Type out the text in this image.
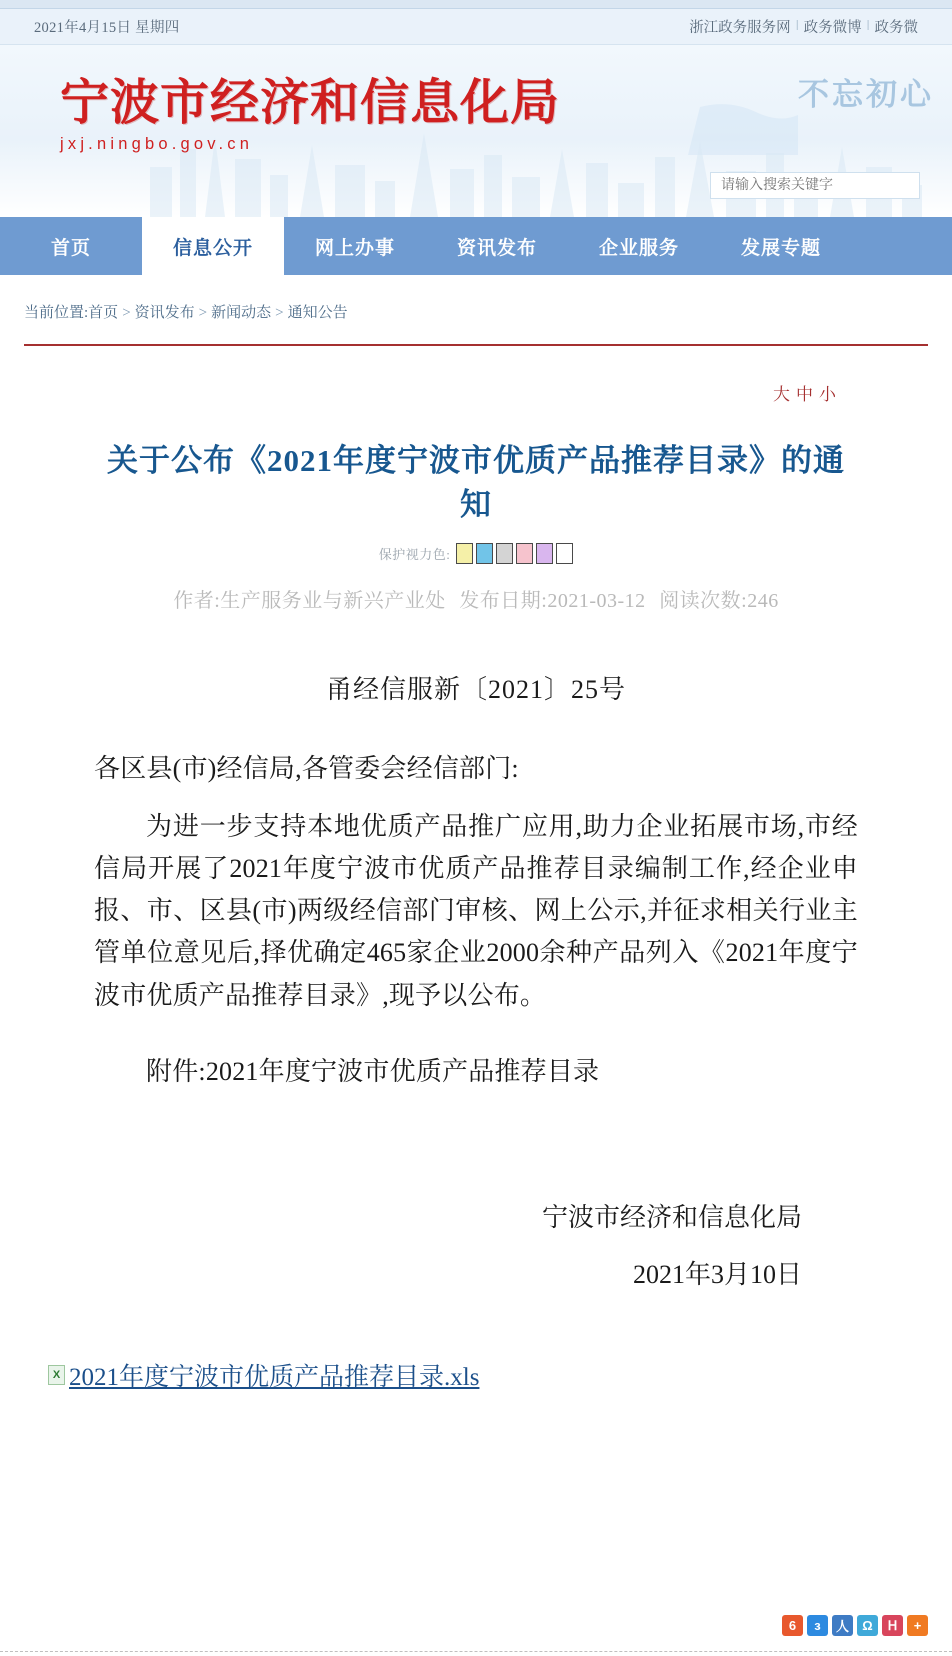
2021年4月15日 星期四	浙江政务服务网 ǀ 政务微博 ǀ 政务微
宁波市经济和信息化局
jxj.ningbo.gov.cn
不忘初心
请输入搜索关键字
首页	信息公开	网上办事	资讯发布	企业服务	发展专题
当前位置:首页 > 资讯发布 > 新闻动态 > 通知公告
大中小
关于公布《2021年度宁波市优质产品推荐目录》的通知
保护视力色:
作者:生产服务业与新兴产业处 发布日期:2021-03-12 阅读次数:246
甬经信服新〔2021〕25号

各区县(市)经信局,各管委会经信部门:

为进一步支持本地优质产品推广应用,助力企业拓展市场,市经信局开展了2021年度宁波市优质产品推荐目录编制工作,经企业申报、市、区县(市)两级经信部门审核、网上公示,并征求相关行业主管单位意见后,择优确定465家企业2000余种产品列入《2021年度宁波市优质产品推荐目录》,现予以公布。

附件:2021年度宁波市优质产品推荐目录

宁波市经济和信息化局
2021年3月10日
X
2021年度宁波市优质产品推荐目录.xls
6	з	人	Ω	ᕼ	+
